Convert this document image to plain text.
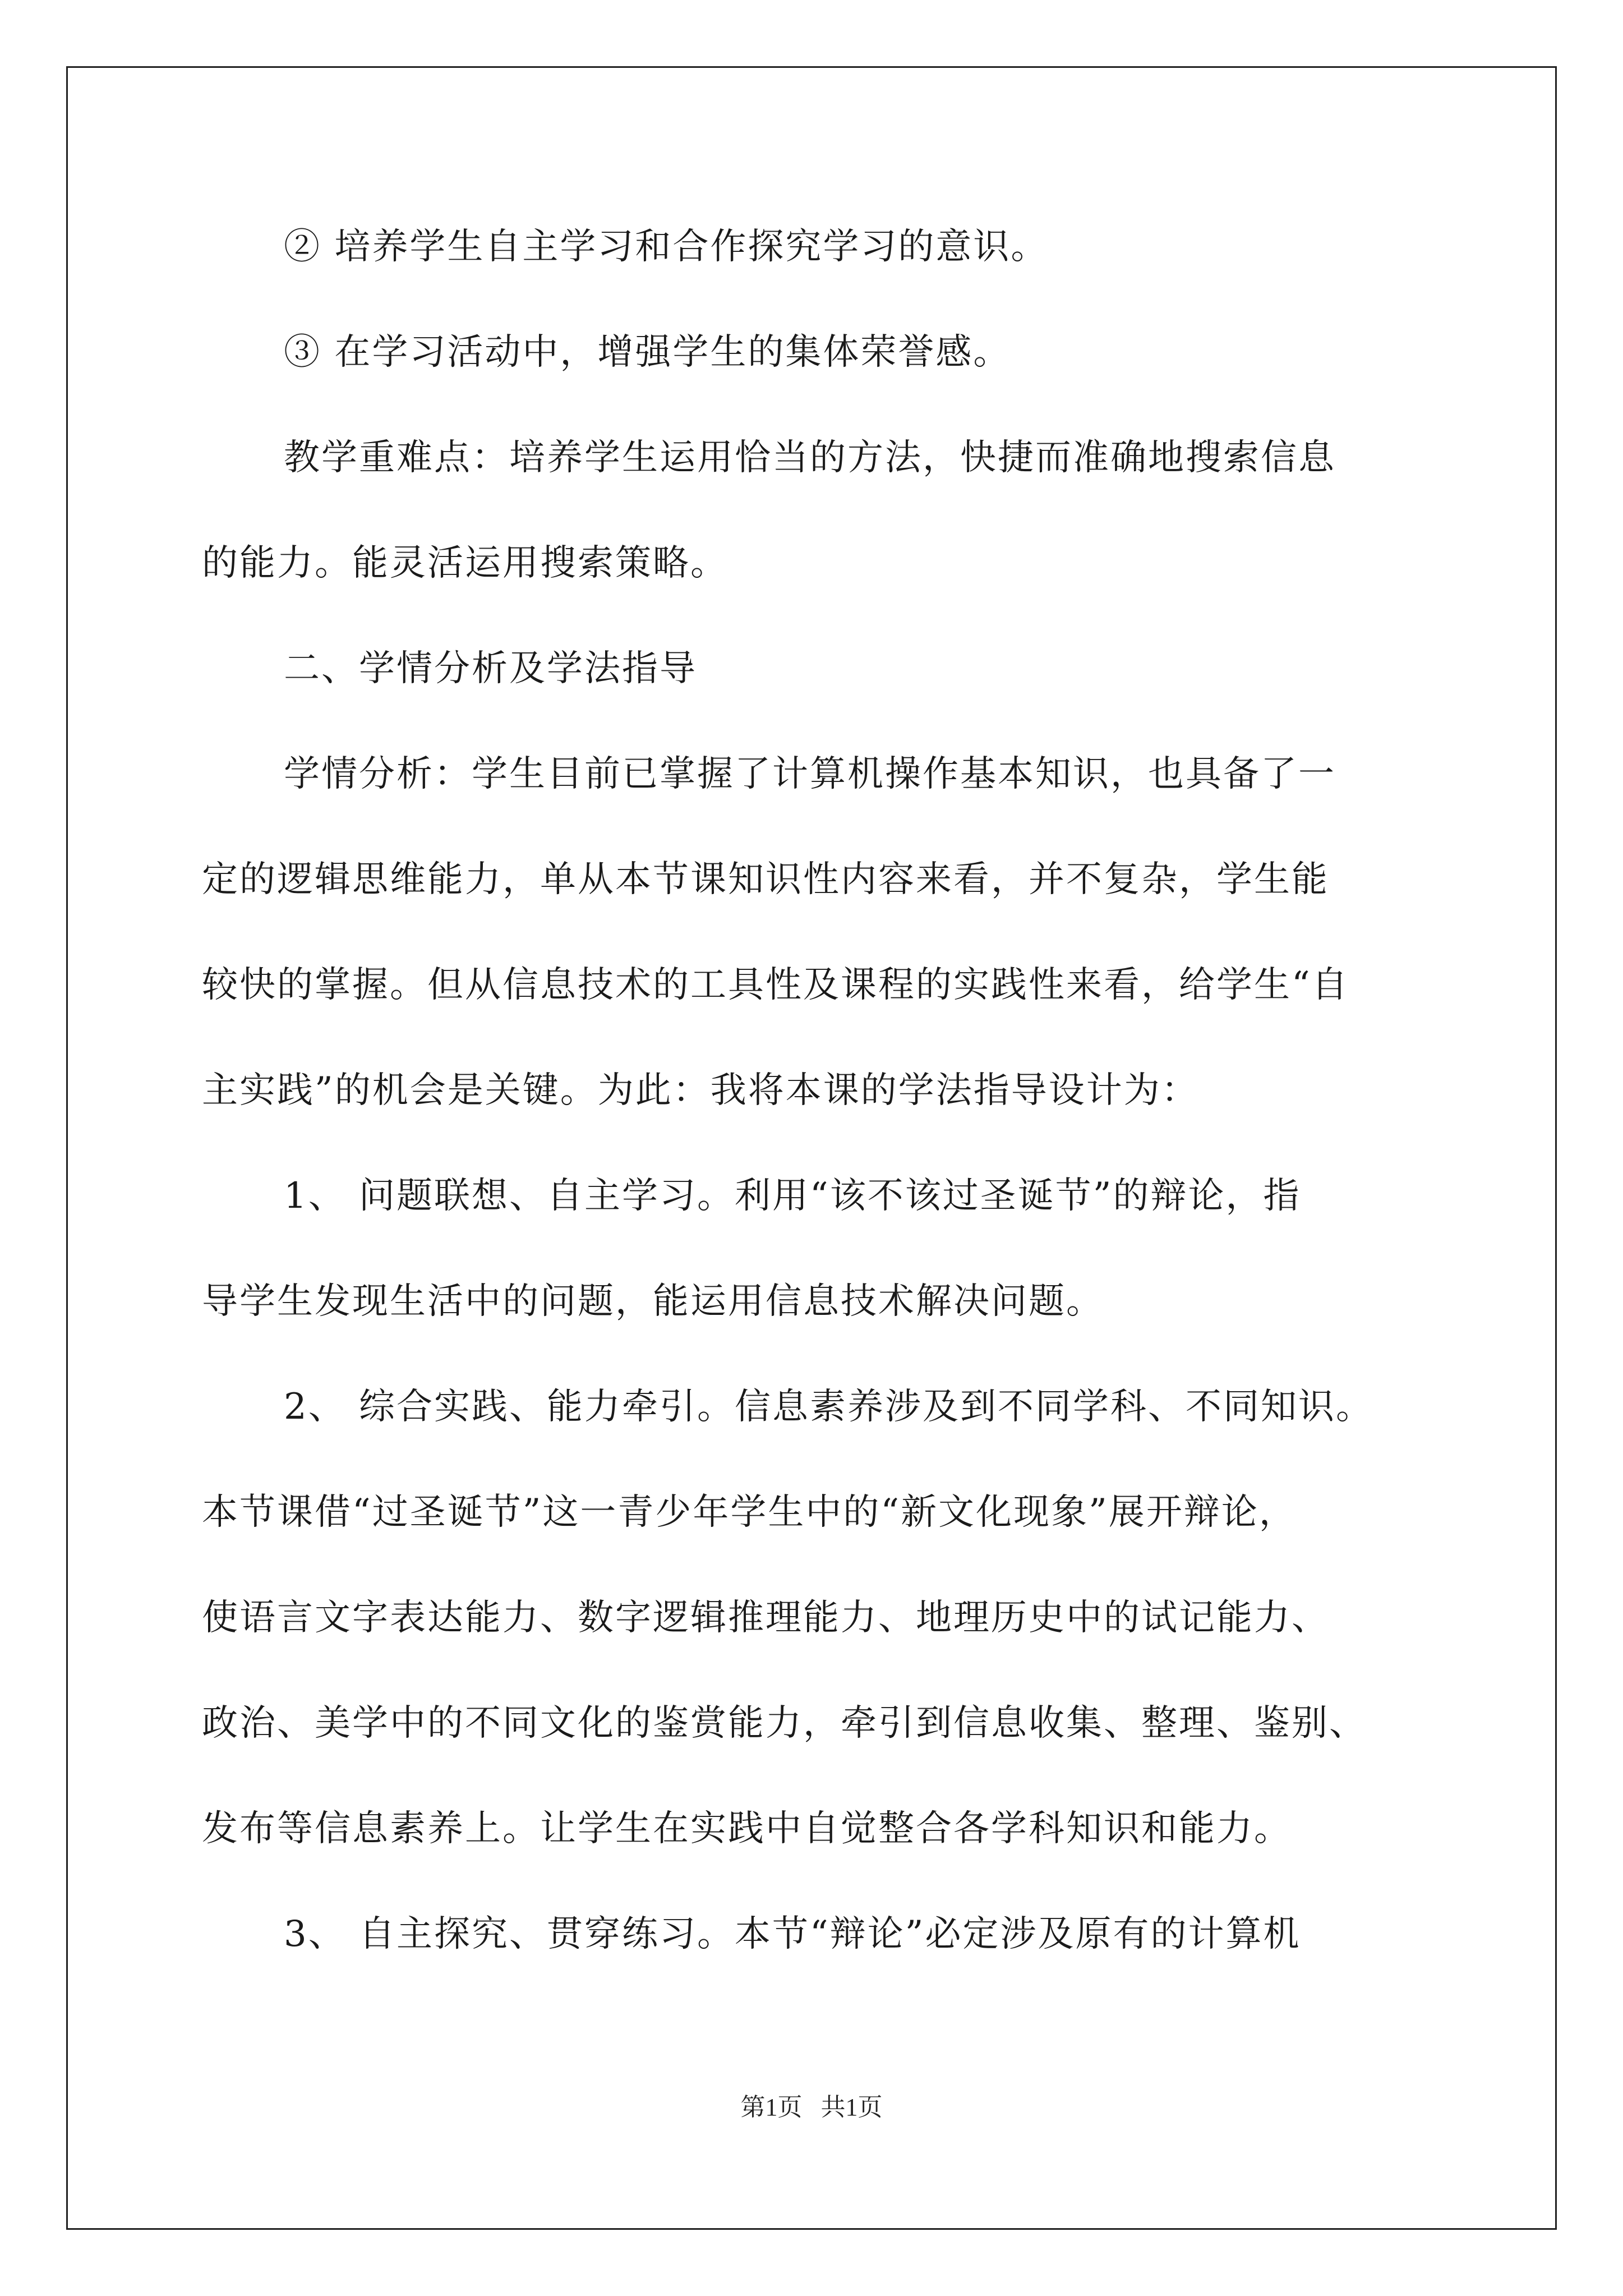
② 培养学生自主学习和合作探究学习的意识。
③ 在学习活动中，增强学生的集体荣誉感。
教学重难点：培养学生运用恰当的方法，快捷而准确地搜索信息
的能力。能灵活运用搜索策略。
二、学情分析及学法指导
学情分析：学生目前已掌握了计算机操作基本知识，也具备了一
定的逻辑思维能力，单从本节课知识性内容来看，并不复杂，学生能
较快的掌握。但从信息技术的工具性及课程的实践性来看，给学生“自
主实践”的机会是关键。为此：我将本课的学法指导设计为：
1、 问题联想、自主学习。利用“该不该过圣诞节”的辩论，指
导学生发现生活中的问题，能运用信息技术解决问题。
2、 综合实践、能力牵引。信息素养涉及到不同学科、不同知识。
本节课借“过圣诞节”这一青少年学生中的“新文化现象”展开辩论，
使语言文字表达能力、数字逻辑推理能力、地理历史中的试记能力、
政治、美学中的不同文化的鉴赏能力，牵引到信息收集、整理、鉴别、
发布等信息素养上。让学生在实践中自觉整合各学科知识和能力。
3、 自主探究、贯穿练习。本节“辩论”必定涉及原有的计算机
第1页   共1页
